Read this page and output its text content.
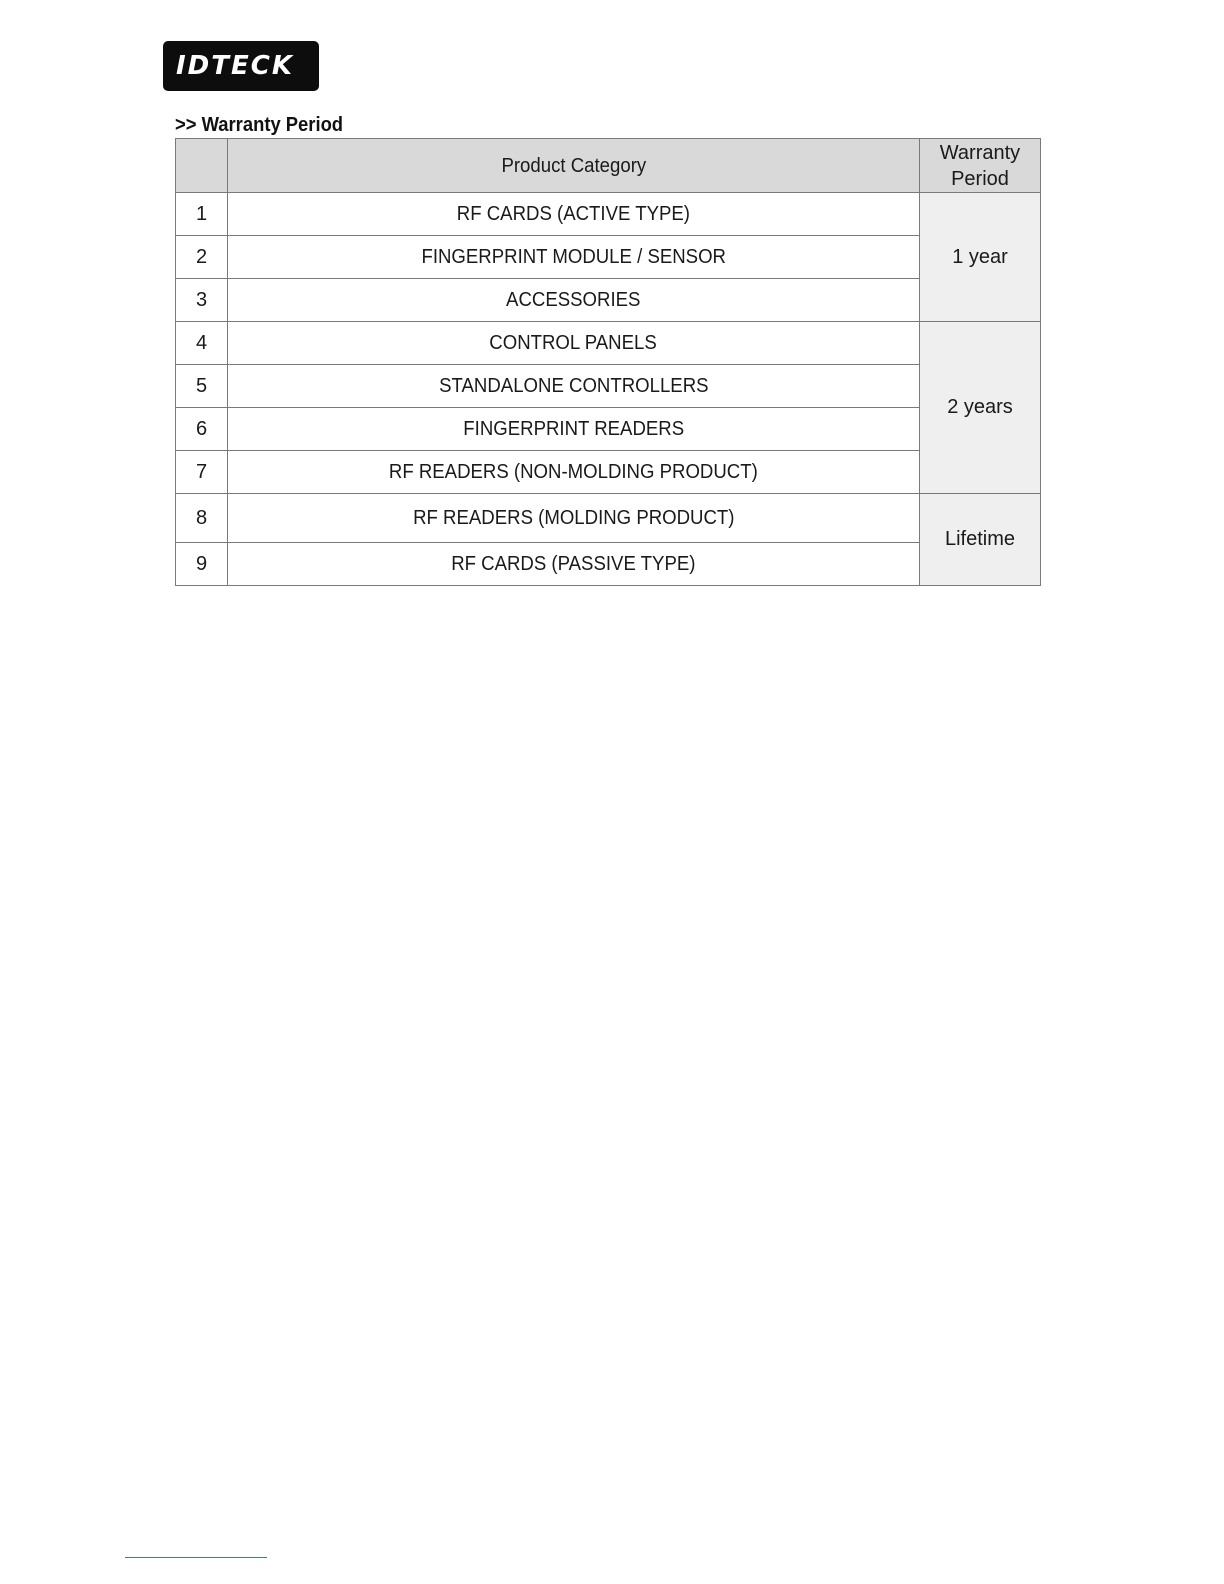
IDTECK
>> Warranty Period
	Product Category	Warranty Period
1	RF CARDS (ACTIVE TYPE)	1 year
2	FINGERPRINT MODULE / SENSOR	
3	ACCESSORIES	
4	CONTROL PANELS	2 years
5	STANDALONE CONTROLLERS	
6	FINGERPRINT READERS	
7	RF READERS (NON-MOLDING PRODUCT)	
8	RF READERS (MOLDING PRODUCT)	Lifetime
9	RF CARDS (PASSIVE TYPE)	
